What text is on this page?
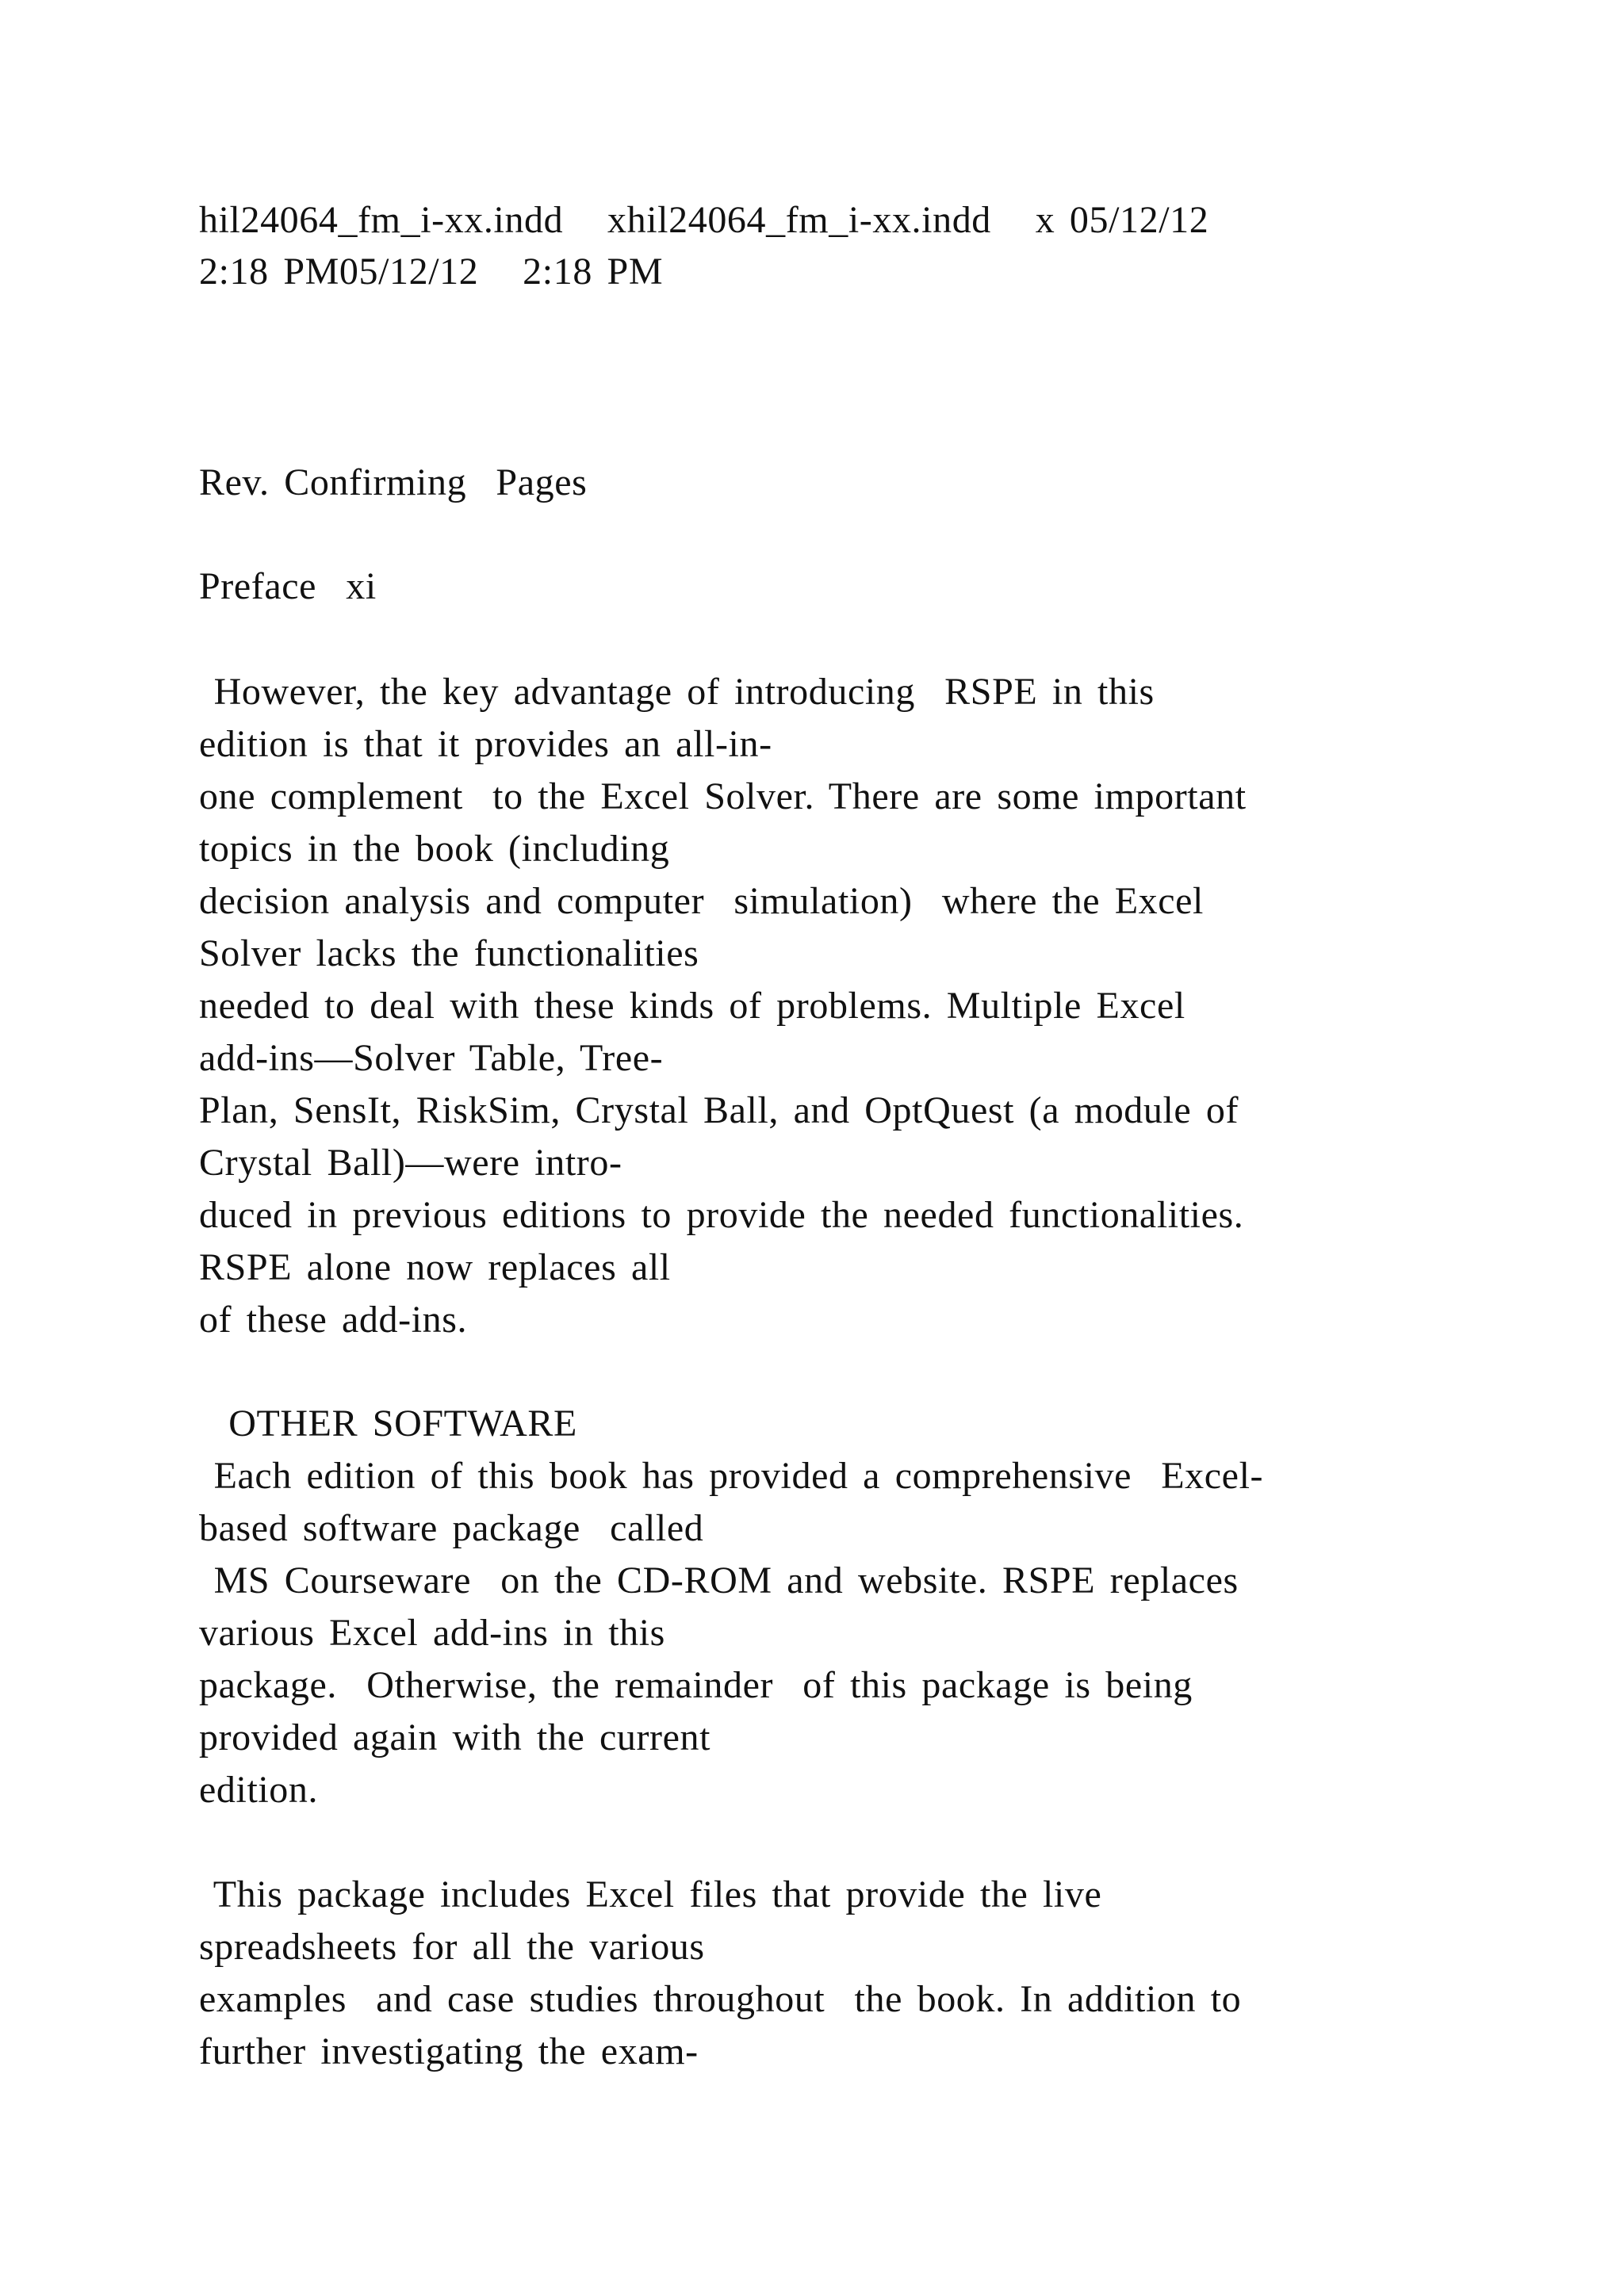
hil24064_fm_i-xx.indd   xhil24064_fm_i-xx.indd   x 05/12/12
2:18 PM05/12/12   2:18 PM
Rev. Confirming  Pages
Preface  xi
However, the key advantage of introducing  RSPE in this
edition is that it provides an all-in-
one complement  to the Excel Solver. There are some important
topics in the book (including
decision analysis and computer  simulation)  where the Excel
Solver lacks the functionalities
needed to deal with these kinds of problems. Multiple Excel
add-ins—Solver Table, Tree-
Plan, SensIt, RiskSim, Crystal Ball, and OptQuest (a module of
Crystal Ball)—were intro-
duced in previous editions to provide the needed functionalities.
RSPE alone now replaces all
of these add-ins.
OTHER SOFTWARE
Each edition of this book has provided a comprehensive  Excel-
based software package  called
MS Courseware  on the CD-ROM and website. RSPE replaces
various Excel add-ins in this
package.  Otherwise, the remainder  of this package is being
provided again with the current
edition.
This package includes Excel files that provide the live
spreadsheets for all the various
examples  and case studies throughout  the book. In addition to
further investigating the exam-
